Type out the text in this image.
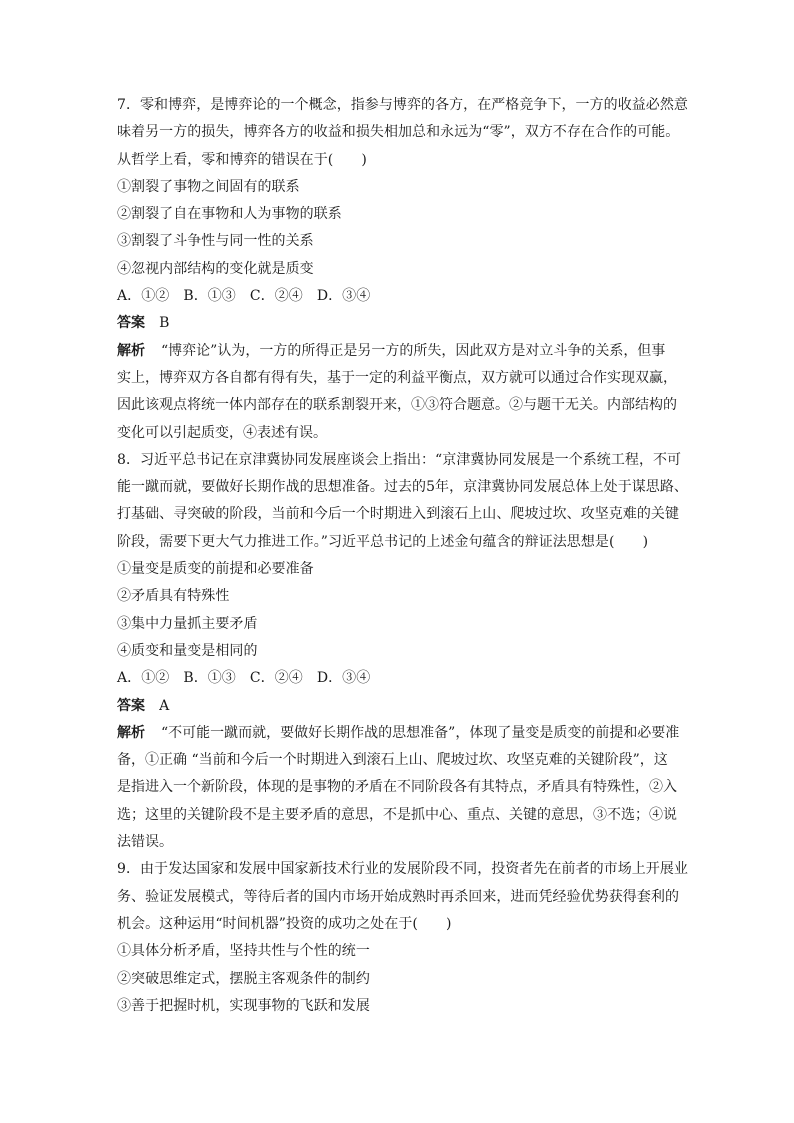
7．零和博弈，是博弈论的一个概念，指参与博弈的各方，在严格竞争下，一方的收益必然意
味着另一方的损失，博弈各方的收益和损失相加总和永远为“零”，双方不存在合作的可能。
从哲学上看，零和博弈的错误在于(　　)
①割裂了事物之间固有的联系
②割裂了自在事物和人为事物的联系
③割裂了斗争性与同一性的关系
④忽视内部结构的变化就是质变
A．①②　B．①③　C．②④　D．③④
答案 B
解析 “博弈论”认为，一方的所得正是另一方的所失，因此双方是对立斗争的关系，但事
实上，博弈双方各自都有得有失，基于一定的利益平衡点，双方就可以通过合作实现双赢，
因此该观点将统一体内部存在的联系割裂开来，①③符合题意。②与题干无关。内部结构的
变化可以引起质变，④表述有误。
8．习近平总书记在京津冀协同发展座谈会上指出：“京津冀协同发展是一个系统工程，不可
能一蹴而就，要做好长期作战的思想准备。过去的5年，京津冀协同发展总体上处于谋思路、
打基础、寻突破的阶段，当前和今后一个时期进入到滚石上山、爬坡过坎、攻坚克难的关键
阶段，需要下更大气力推进工作。”习近平总书记的上述金句蕴含的辩证法思想是(　　)
①量变是质变的前提和必要准备
②矛盾具有特殊性
③集中力量抓主要矛盾
④质变和量变是相同的
A．①②　B．①③　C．②④　D．③④
答案 A
解析 “不可能一蹴而就，要做好长期作战的思想准备”，体现了量变是质变的前提和必要准
备，①正确 “当前和今后一个时期进入到滚石上山、爬坡过坎、攻坚克难的关键阶段”，这
是指进入一个新阶段，体现的是事物的矛盾在不同阶段各有其特点，矛盾具有特殊性，②入
选；这里的关键阶段不是主要矛盾的意思，不是抓中心、重点、关键的意思，③不选；④说
法错误。
9．由于发达国家和发展中国家新技术行业的发展阶段不同，投资者先在前者的市场上开展业
务、验证发展模式，等待后者的国内市场开始成熟时再杀回来，进而凭经验优势获得套利的
机会。这种运用“时间机器”投资的成功之处在于(　　)
①具体分析矛盾，坚持共性与个性的统一
②突破思维定式，摆脱主客观条件的制约
③善于把握时机，实现事物的飞跃和发展
